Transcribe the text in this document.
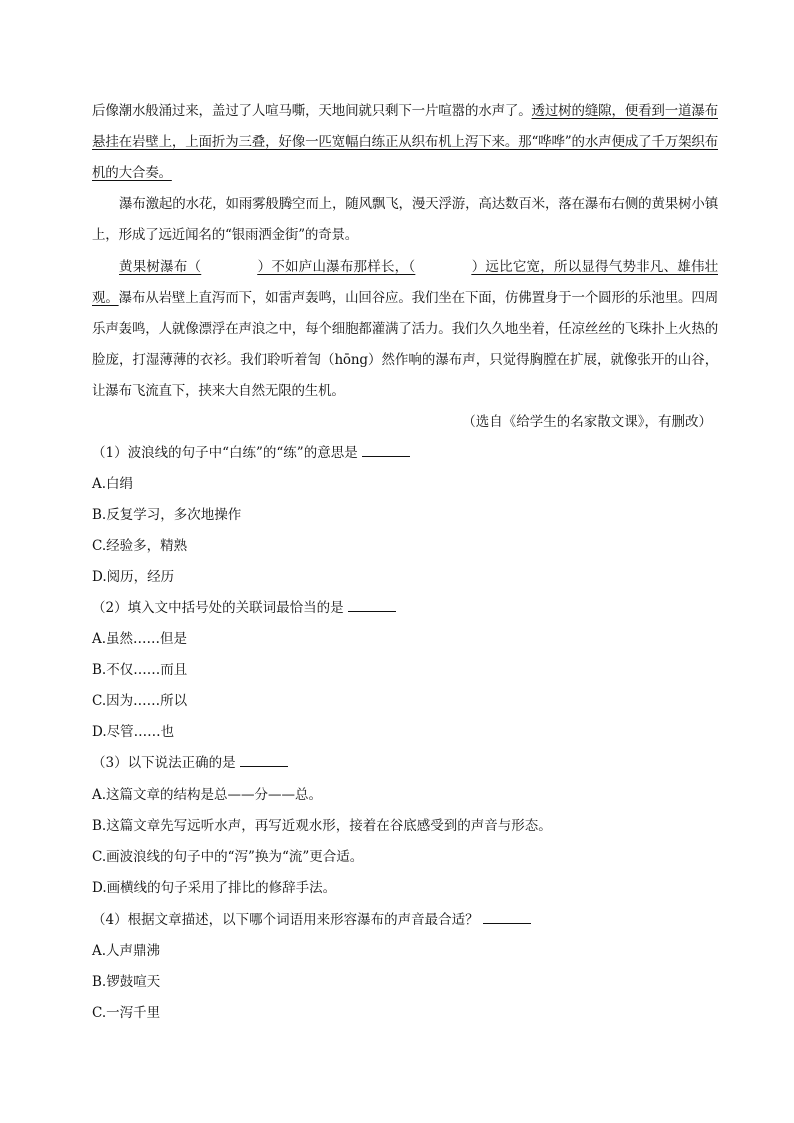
后像潮水般涌过来，盖过了人喧马嘶，天地间就只剩下一片喧嚣的水声了。透过树的缝隙，便看到一道瀑布悬挂在岩壁上，上面折为三叠，好像一匹宽幅白练正从织布机上泻下来。那“哗哗”的水声便成了千万架织布机的大合奏。

瀑布激起的水花，如雨雾般腾空而上，随风飘飞，漫天浮游，高达数百米，落在瀑布右侧的黄果树小镇上，形成了远近闻名的“银雨洒金街”的奇景。

黄果树瀑布（	）不如庐山瀑布那样长，（	）远比它宽，所以显得气势非凡、雄伟壮观。瀑布从岩壁上直泻而下，如雷声轰鸣，山回谷应。我们坐在下面，仿佛置身于一个圆形的乐池里。四周乐声轰鸣，人就像漂浮在声浪之中，每个细胞都灌满了活力。我们久久地坐着，任凉丝丝的飞珠扑上火热的脸庞，打湿薄薄的衣衫。我们聆听着訇（hōng）然作响的瀑布声，只觉得胸膛在扩展，就像张开的山谷，让瀑布飞流直下，挟来大自然无限的生机。

（选自《给学生的名家散文课》，有删改）

（1）波浪线的句子中“白练”的“练”的意思是

A.白绢

B.反复学习，多次地操作

C.经验多，精熟

D.阅历，经历

（2）填入文中括号处的关联词最恰当的是

A.虽然……但是

B.不仅……而且

C.因为……所以

D.尽管……也

（3）以下说法正确的是

A.这篇文章的结构是总——分——总。

B.这篇文章先写远听水声，再写近观水形，接着在谷底感受到的声音与形态。

C.画波浪线的句子中的“泻”换为“流”更合适。

D.画横线的句子采用了排比的修辞手法。

（4）根据文章描述，以下哪个词语用来形容瀑布的声音最合适？

A.人声鼎沸

B.锣鼓喧天

C.一泻千里
